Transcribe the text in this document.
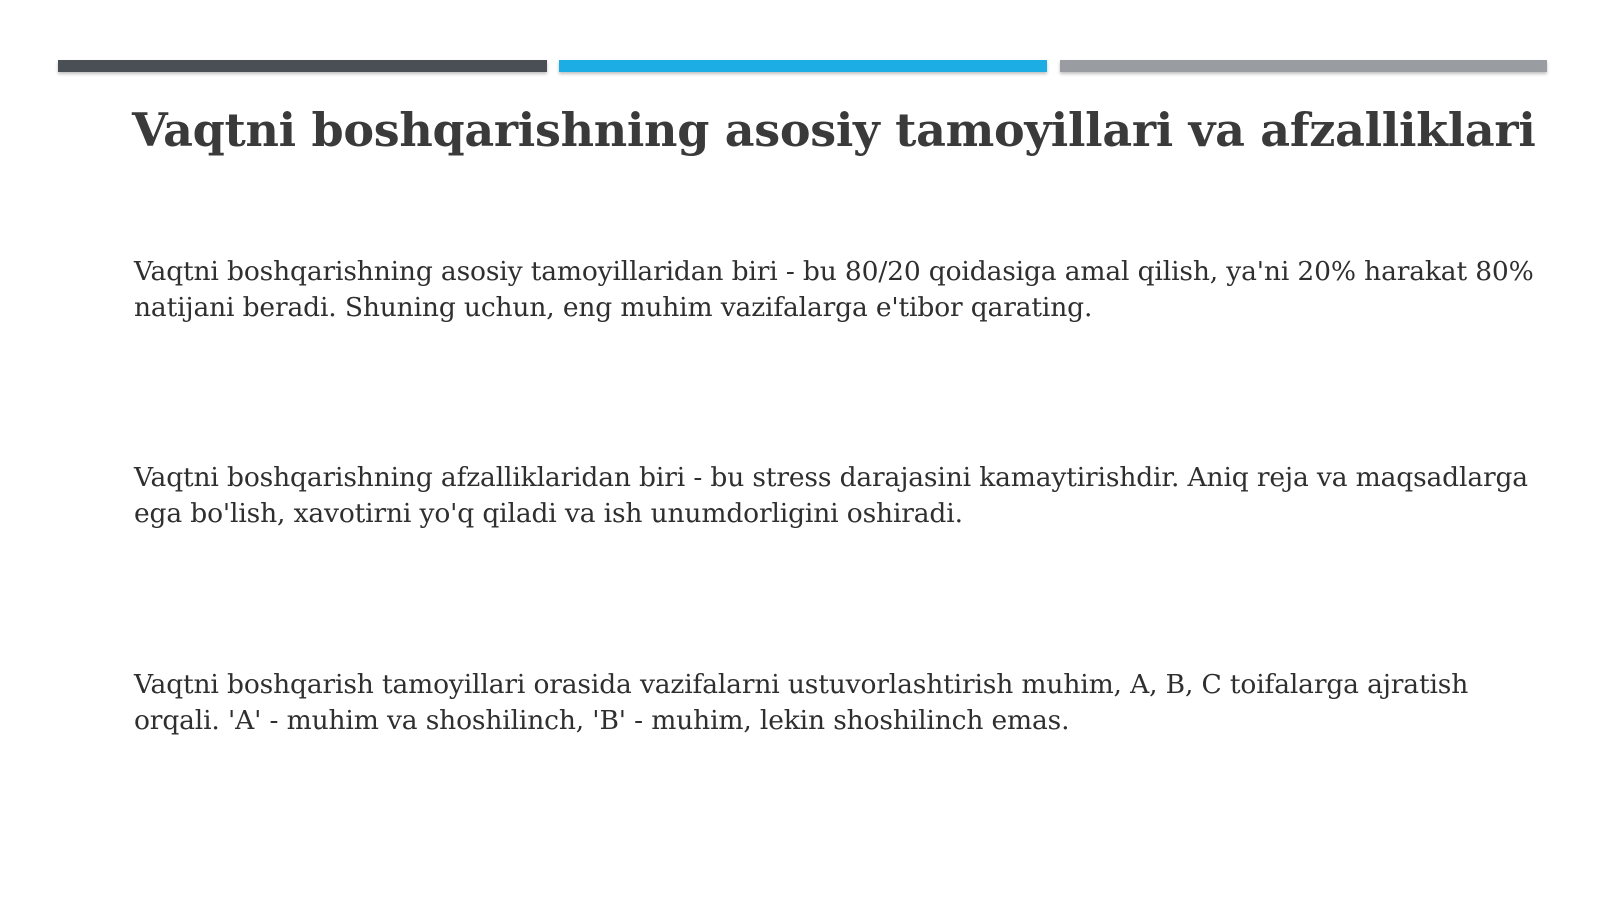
Vaqtni boshqarishning asosiy tamoyillari va afzalliklari

Vaqtni boshqarishning asosiy tamoyillaridan biri - bu 80/20 qoidasiga amal qilish, ya'ni 20% harakat 80% natijani beradi. Shuning uchun, eng muhim vazifalarga e'tibor qarating.

Vaqtni boshqarishning afzalliklaridan biri - bu stress darajasini kamaytirishdir. Aniq reja va maqsadlarga ega bo'lish, xavotirni yo'q qiladi va ish unumdorligini oshiradi.

Vaqtni boshqarish tamoyillari orasida vazifalarni ustuvorlashtirish muhim, A, B, C toifalarga ajratish orqali. 'A' - muhim va shoshilinch, 'B' - muhim, lekin shoshilinch emas.
